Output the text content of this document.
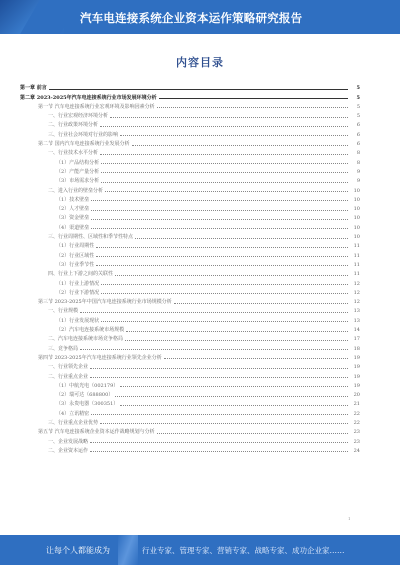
汽车电连接系统企业资本运作策略研究报告
内容目录
第一章 前言	5
第二章 2023-2025年汽车电连接系统行业市场发展环境分析	5
第一节 汽车电连接系统行业宏观环境及影响因素分析	5
一、行业宏观经济环境分析	5
二、行业政策环境分析	6
三、行业社会环境对行业的影响	6
第二节 国内汽车电连接系统行业发展分析	6
一、行业技术水平分析	8
（1）产品结构分析	8
（2）产能产量分析	9
（3）市场需求分析	9
二、进入行业的壁垒分析	10
（1）技术壁垒	10
（2）人才壁垒	10
（3）资金壁垒	10
（4）渠道壁垒	10
三、行业周期性、区域性和季节性特点	10
（1）行业周期性	11
（2）行业区域性	11
（3）行业季节性	11
四、行业上下游之间的关联性	11
（1）行业上游情况	12
（2）行业下游情况	12
第三节 2023-2025年中国汽车电连接系统行业市场规模分析	12
一、行业规模	13
（1）行业发展现状	13
（2）汽车电连接系统市场规模	14
二、汽车电连接系统市场竞争格局	17
三、竞争格局	18
第四节 2023-2025年汽车电连接系统行业领先企业分析	19
一、行业领先企业	19
二、行业重点企业	19
（1）中航光电（002179）	19
（2）瑞可达（688800）	20
（3）永贵电器（300351）	21
（4）立讯精密	22
三、行业重点企业优势	22
第五节 汽车电连接系统企业资本运作战略规划与分析	23
一、企业发展战略	23
二、企业资本运作	24
1
让每个人都能成为	行业专家、管理专家、营销专家、战略专家、成功企业家……
